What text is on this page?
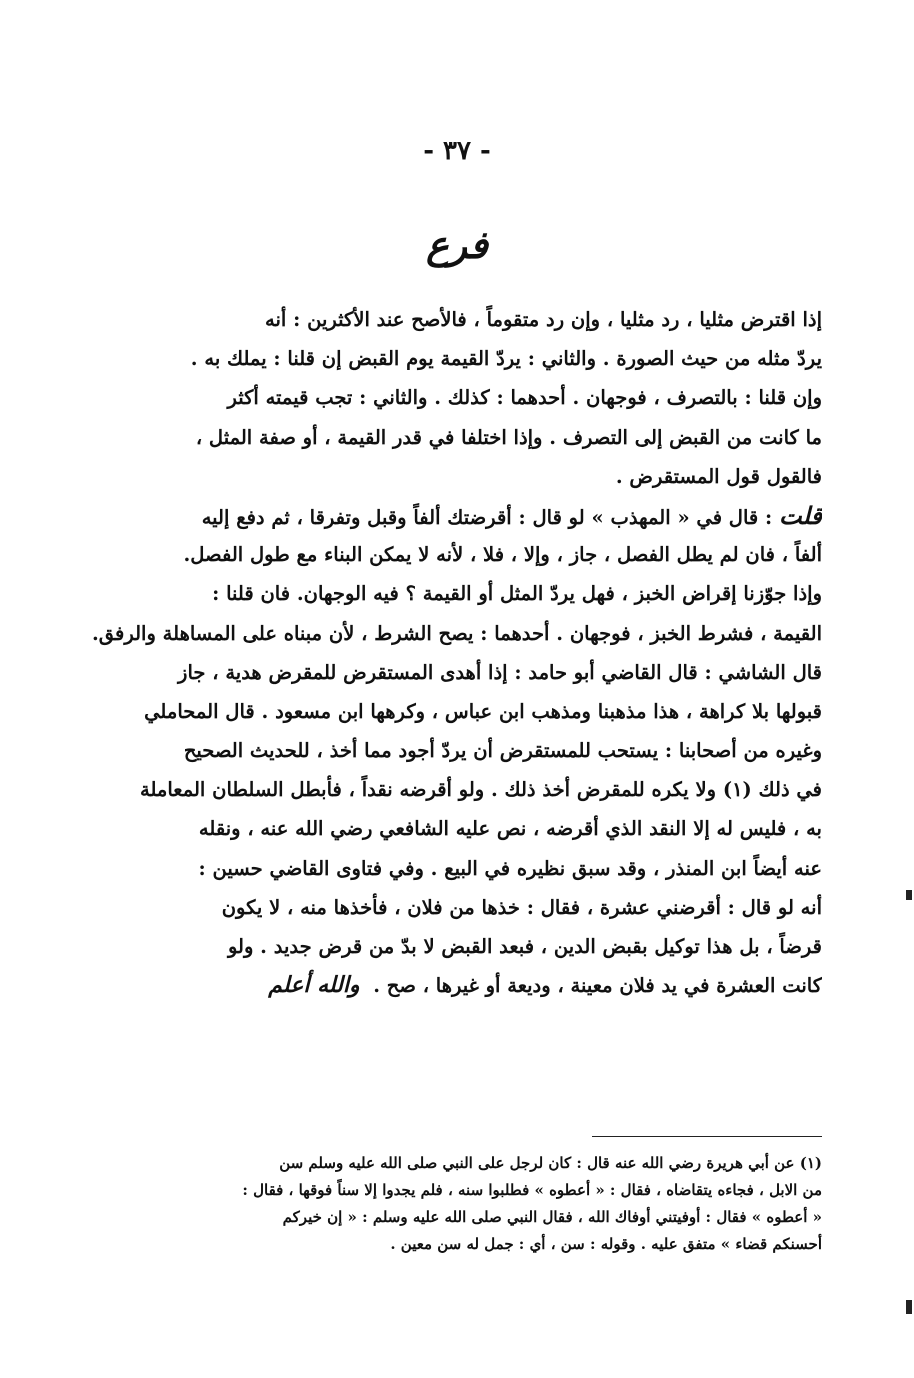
- ٣٧ -
فرع
إذا اقترض مثليا ، رد مثليا ، وإن رد متقوماً ، فالأصح عند الأكثرين : أنه
يردّ مثله من حيث الصورة . والثاني : يردّ القيمة يوم القبض إن قلنا : يملك به .
وإن قلنا : بالتصرف ، فوجهان . أحدهما : كذلك . والثاني : تجب قيمته أكثر
ما كانت من القبض إلى التصرف . وإذا اختلفا في قدر القيمة ، أو صفة المثل ،
فالقول قول المستقرض .
قلت : قال في « المهذب » لو قال : أقرضتك ألفاً وقبل وتفرقا ، ثم دفع إليه
ألفاً ، فان لم يطل الفصل ، جاز ، وإلا ، فلا ، لأنه لا يمكن البناء مع طول الفصل.
وإذا جوّزنا إقراض الخبز ، فهل يردّ المثل أو القيمة ؟ فيه الوجهان. فان قلنا :
القيمة ، فشرط الخبز ، فوجهان . أحدهما : يصح الشرط ، لأن مبناه على المساهلة والرفق.
قال الشاشي : قال القاضي أبو حامد : إذا أهدى المستقرض للمقرض هدية ، جاز
قبولها بلا كراهة ، هذا مذهبنا ومذهب ابن عباس ، وكرهها ابن مسعود . قال المحاملي
وغيره من أصحابنا : يستحب للمستقرض أن يردّ أجود مما أخذ ، للحديث الصحيح
في ذلك (١) ولا يكره للمقرض أخذ ذلك . ولو أقرضه نقداً ، فأبطل السلطان المعاملة
به ، فليس له إلا النقد الذي أقرضه ، نص عليه الشافعي رضي الله عنه ، ونقله
عنه أيضاً ابن المنذر ، وقد سبق نظيره في البيع . وفي فتاوى القاضي حسين :
أنه لو قال : أقرضني عشرة ، فقال : خذها من فلان ، فأخذها منه ، لا يكون
قرضاً ، بل هذا توكيل بقبض الدين ، فبعد القبض لا بدّ من قرض جديد . ولو
كانت العشرة في يد فلان معينة ، وديعة أو غيرها ، صح .  والله أعلم
(١) عن أبي هريرة رضي الله عنه قال : كان لرجل على النبي صلى الله عليه وسلم سن
من الابل ، فجاءه يتقاضاه ، فقال : « أعطوه » فطلبوا سنه ، فلم يجدوا إلا سناً فوقها ، فقال :
« أعطوه » فقال : أوفيتني أوفاك الله ، فقال النبي صلى الله عليه وسلم : « إن خيركم
أحسنكم قضاء » متفق عليه . وقوله : سن ، أي : جمل له سن معين .
